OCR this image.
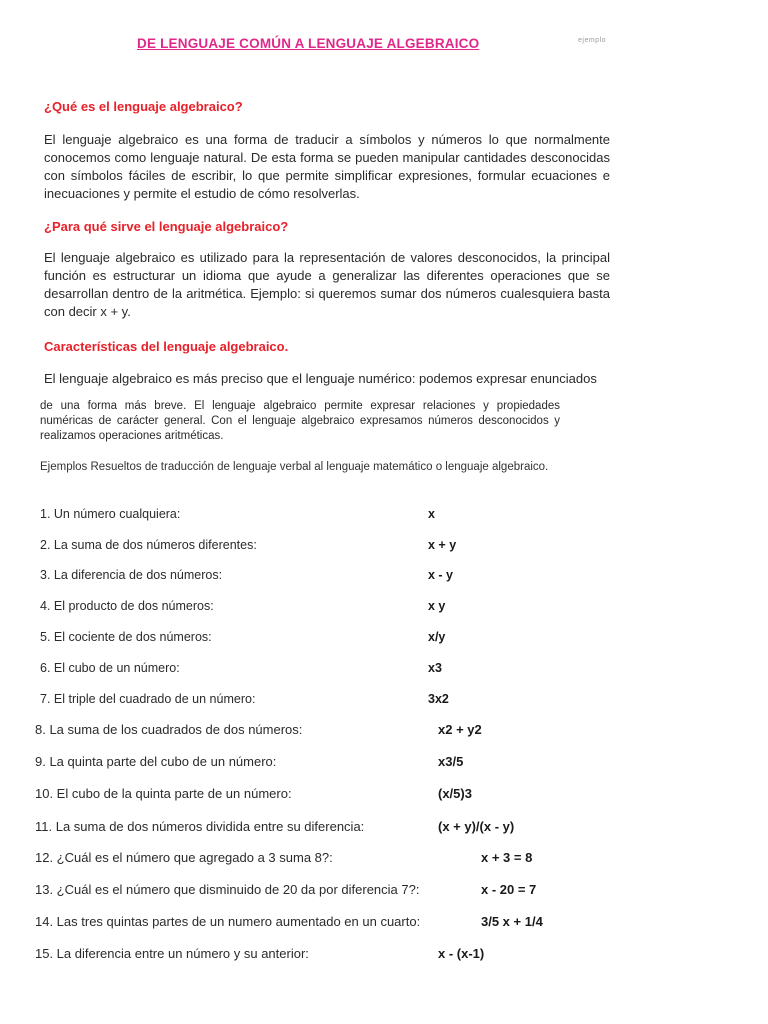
DE LENGUAJE COMÚN A LENGUAJE ALGEBRAICO	ejemplo
¿Qué es el lenguaje algebraico?
El lenguaje algebraico es una forma de traducir a símbolos y números lo que normalmente conocemos como lenguaje natural. De esta forma se pueden manipular cantidades desconocidas con símbolos fáciles de escribir, lo que permite simplificar expresiones, formular ecuaciones e inecuaciones y permite el estudio de cómo resolverlas.
¿Para qué sirve el lenguaje algebraico?
El lenguaje algebraico es utilizado para la representación de valores desconocidos, la principal función es estructurar un idioma que ayude a generalizar las diferentes operaciones que se desarrollan dentro de la aritmética. Ejemplo: si queremos sumar dos números cualesquiera basta con decir x + y.
Características del lenguaje algebraico.
El lenguaje algebraico es más preciso que el lenguaje numérico: podemos expresar enunciados
de una forma más breve. El lenguaje algebraico permite expresar relaciones y propiedades numéricas de carácter general. Con el lenguaje algebraico expresamos números desconocidos y realizamos operaciones aritméticas.
Ejemplos Resueltos de traducción de lenguaje verbal al lenguaje matemático o lenguaje algebraico.
1. Un número cualquiera:	x
2. La suma de dos números diferentes:	x + y
3. La diferencia de dos números:	x - y
4. El producto de dos números:	x y
5. El cociente de dos números:	x/y
6. El cubo de un número:	x3
7. El triple del cuadrado de un número:	3x2
8. La suma de los cuadrados de dos números:	x2 + y2
9. La quinta parte del cubo de un número:	x3/5
10. El cubo de la quinta parte de un número:	(x/5)3
11. La suma de dos números dividida entre su diferencia:	(x + y)/(x - y)
12. ¿Cuál es el número que agregado a 3 suma 8?:	x + 3 = 8
13. ¿Cuál es el número que disminuido de 20 da por diferencia 7?:	x - 20 = 7
14. Las tres quintas partes de un numero aumentado en un cuarto:	3/5 x + 1/4
15. La diferencia entre un número y su anterior:	x - (x-1)
